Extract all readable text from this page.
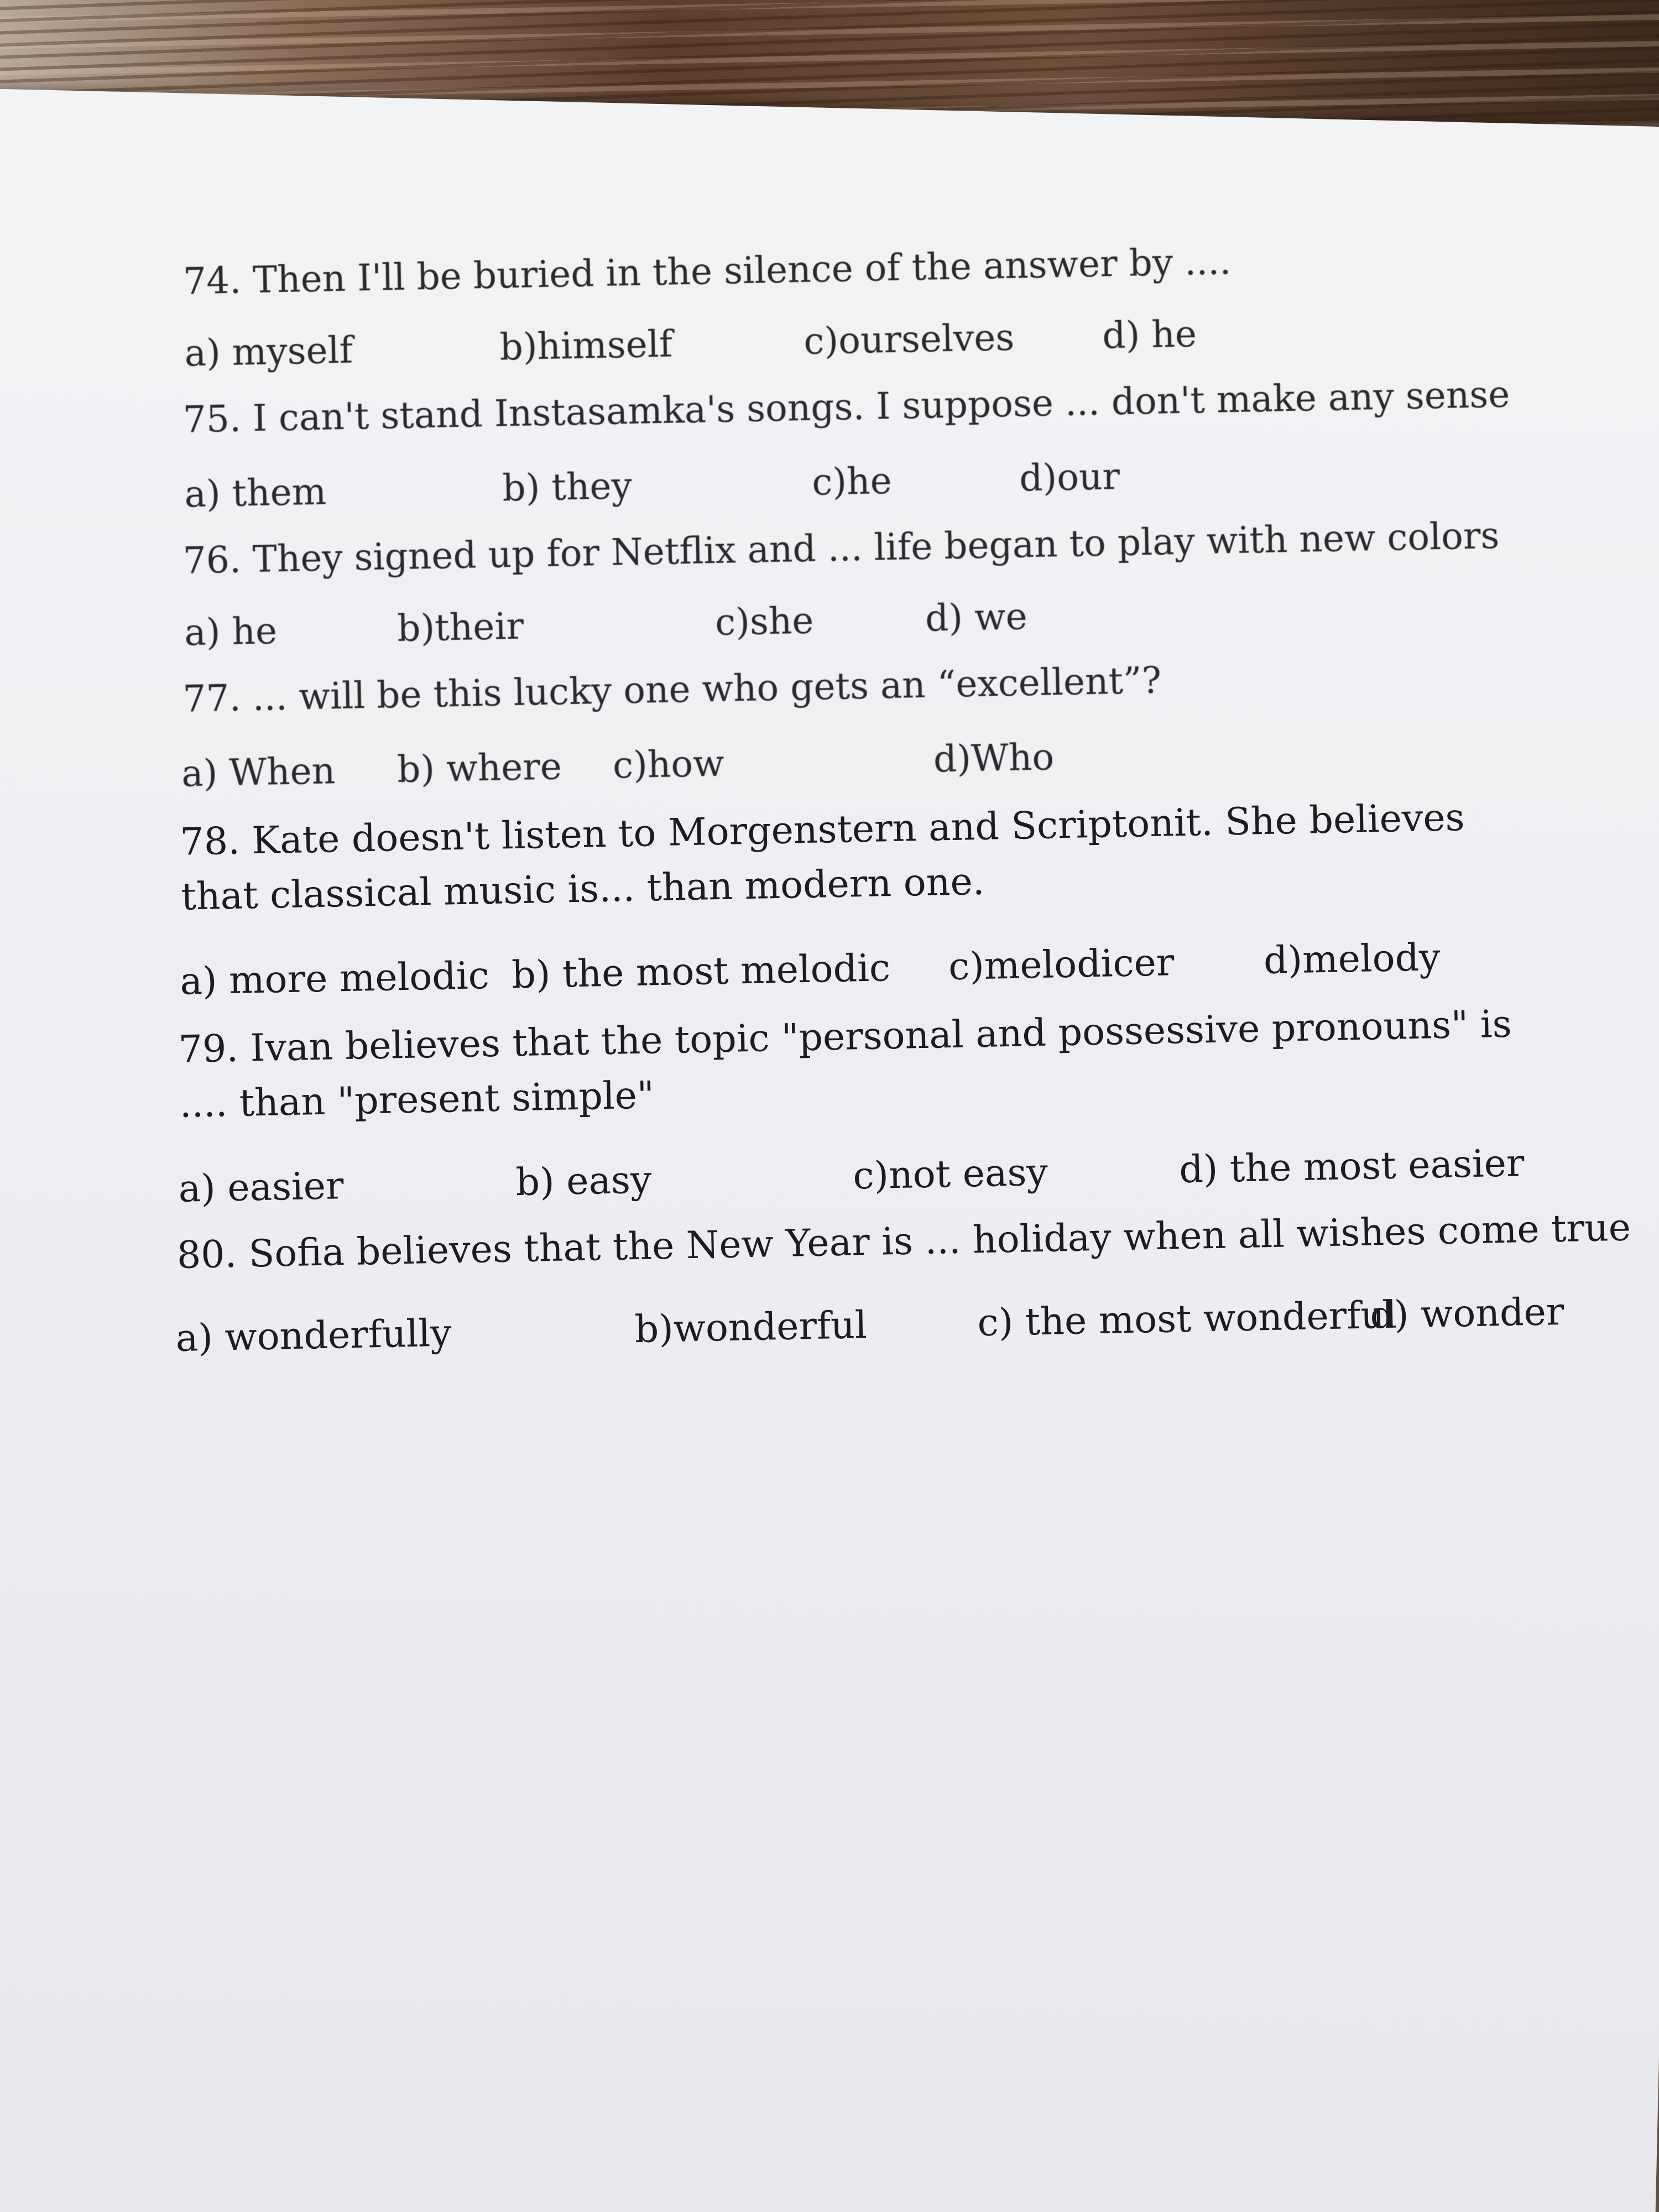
74. Then I'll be buried in the silence of the answer by ....
a) myself	b)himself	c)ourselves d) he
75. I can't stand Instasamka's songs. I suppose ... don't make any sense
a) them	b) they	c)he	d)our
76. They signed up for Netflix and ... life began to play with new colors
a) he	b)their	c)she	d) we
77. ... will be this lucky one who gets an “excellent”?
a) When b) where c)how	d)Who
78. Kate doesn't listen to Morgenstern and Scriptonit. She believes that classical music is... than modern one.
a) more melodic b) the most melodic c)melodicer d)melody
79. Ivan believes that the topic "personal and possessive pronouns" is .... than "present simple"
a) easier	b) easy	c)not easy	d) the most easier
80. Sofia believes that the New Year is ... holiday when all wishes come true
a) wonderfully	b)wonderful	c) the most wonderful
d) wonder
